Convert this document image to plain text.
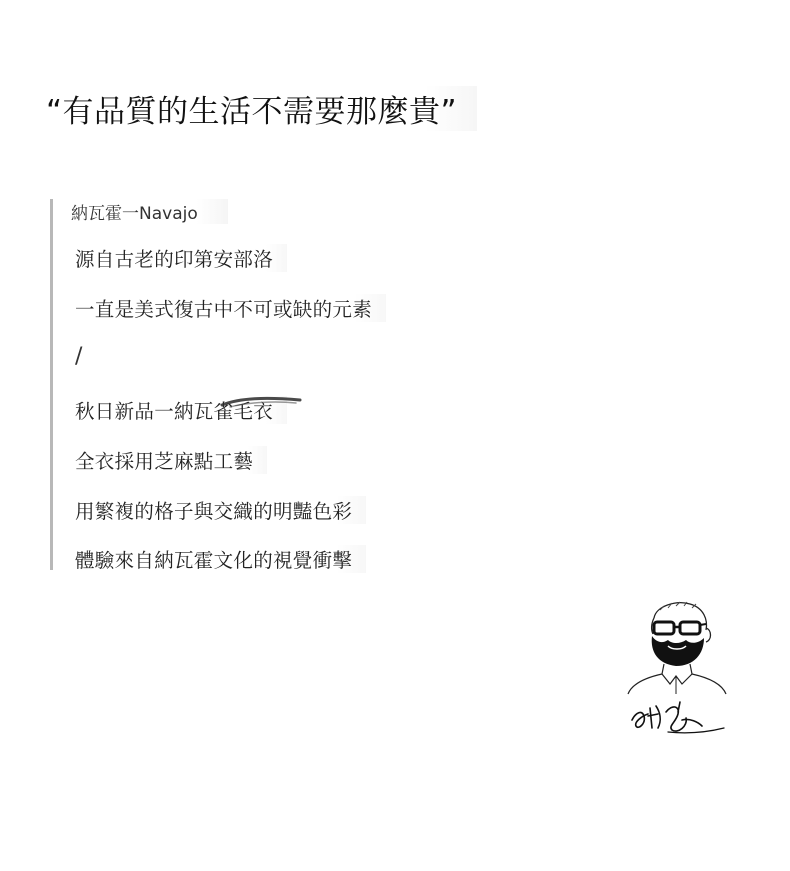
“有品質的生活不需要那麼貴”
納瓦霍一Navajo
源自古老的印第安部洛
一直是美式復古中不可或缺的元素
/
秋日新品一納瓦雀毛衣
全衣採用芝麻點工藝
用繁複的格子與交織的明豔色彩
體驗來自納瓦霍文化的視覺衝擊
